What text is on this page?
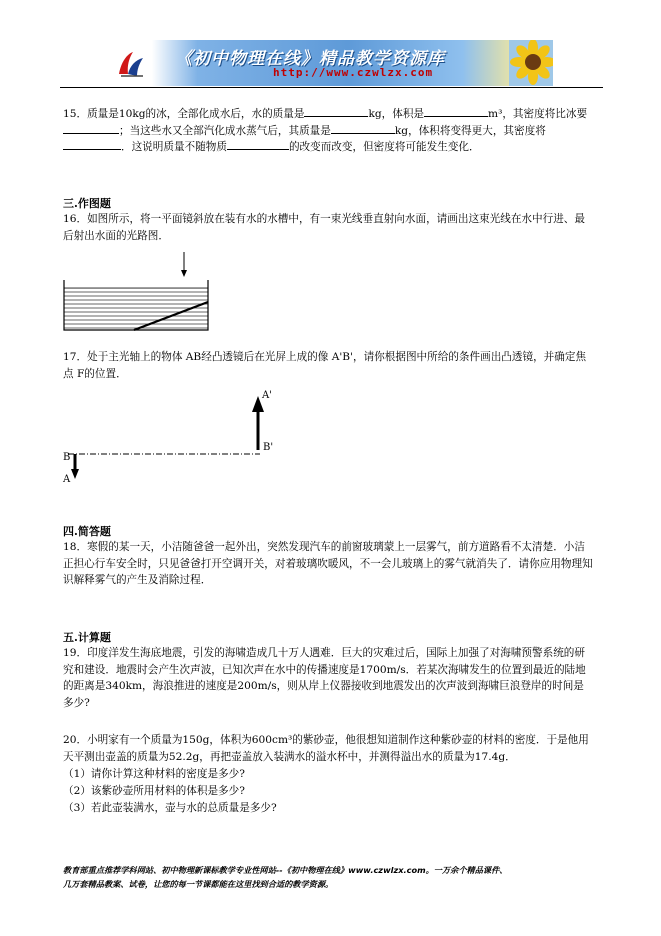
《初中物理在线》精品教学资源库
http://www.czwlzx.com
15．质量是10kg的冰，全部化成水后，水的质量是	kg，体积是	m³，其密度将比冰要；当这些水又全部汽化成水蒸气后，其质量是	kg，体积将变得更大，其密度将．这说明质量不随物质	的改变而改变，但密度将可能发生变化．
三.作图题
16．如图所示，将一平面镜斜放在装有水的水槽中，有一束光线垂直射向水面，请画出这束光线在水中行进、最后射出水面的光路图．
17．处于主光轴上的物体 AB经凸透镜后在光屏上成的像 A'B'，请你根据图中所给的条件画出凸透镜，并确定焦点 F的位置．
A'
B'
B
A
四.简答题
18．寒假的某一天，小洁随爸爸一起外出，突然发现汽车的前窗玻璃蒙上一层雾气，前方道路看不太清楚．小洁正担心行车安全时，只见爸爸打开空调开关，对着玻璃吹暖风，不一会儿玻璃上的雾气就消失了．请你应用物理知识解释雾气的产生及消除过程．
五.计算题
19．印度洋发生海底地震，引发的海啸造成几十万人遇难．巨大的灾难过后，国际上加强了对海啸预警系统的研究和建设．地震时会产生次声波，已知次声在水中的传播速度是1700m/s．若某次海啸发生的位置到最近的陆地的距离是340km，海浪推进的速度是200m/s，则从岸上仪器接收到地震发出的次声波到海啸巨浪登岸的时间是多少?
20．小明家有一个质量为150g，体积为600cm³的紫砂壶，他很想知道制作这种紫砂壶的材料的密度．于是他用天平测出壶盖的质量为52.2g，再把壶盖放入装满水的溢水杯中，并测得溢出水的质量为17.4g．
（1）请你计算这种材料的密度是多少?
（2）该紫砂壶所用材料的体积是多少?
（3）若此壶装满水，壶与水的总质量是多少?
教育部重点推荐学科网站、初中物理新课标教学专业性网站--《初中物理在线》www.czwlzx.com。一万余个精品课件、
几万套精品教案、试卷，让您的每一节课都能在这里找到合适的教学资源。
